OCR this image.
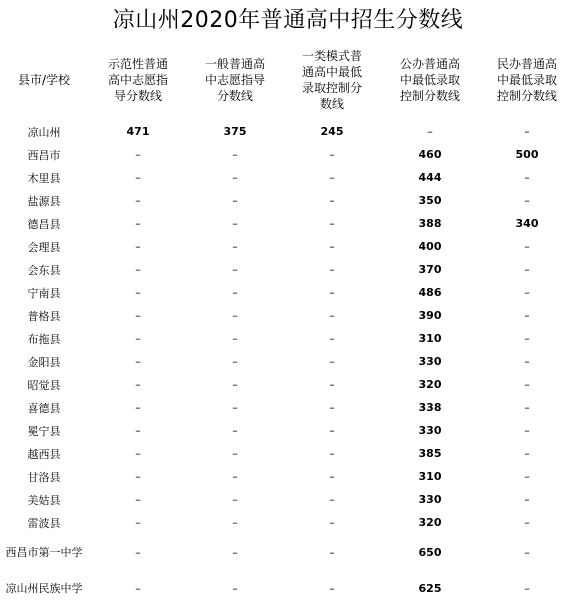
凉山州2020年普通高中招生分数线
县市/学校	示范性普通
高中志愿指
导分数线	一般普通高
中志愿指导
分数线	一类模式普
通高中最低
录取控制分
数线	公办普通高
中最低录取
控制分数线	民办普通高
中最低录取
控制分数线

凉山州	471	375	245	–	–
西昌市	–	–	–	460	500
木里县	–	–	–	444	–
盐源县	–	–	–	350	–
德昌县	–	–	–	388	340
会理县	–	–	–	400	–
会东县	–	–	–	370	–
宁南县	–	–	–	486	–
普格县	–	–	–	390	–
布拖县	–	–	–	310	–
金阳县	–	–	–	330	–
昭觉县	–	–	–	320	–
喜德县	–	–	–	338	–
冕宁县	–	–	–	330	–
越西县	–	–	–	385	–
甘洛县	–	–	–	310	–
美姑县	–	–	–	330	–
雷波县	–	–	–	320	–
西昌市第一中学	–	–	–	650	–
凉山州民族中学	–	–	–	625	–
